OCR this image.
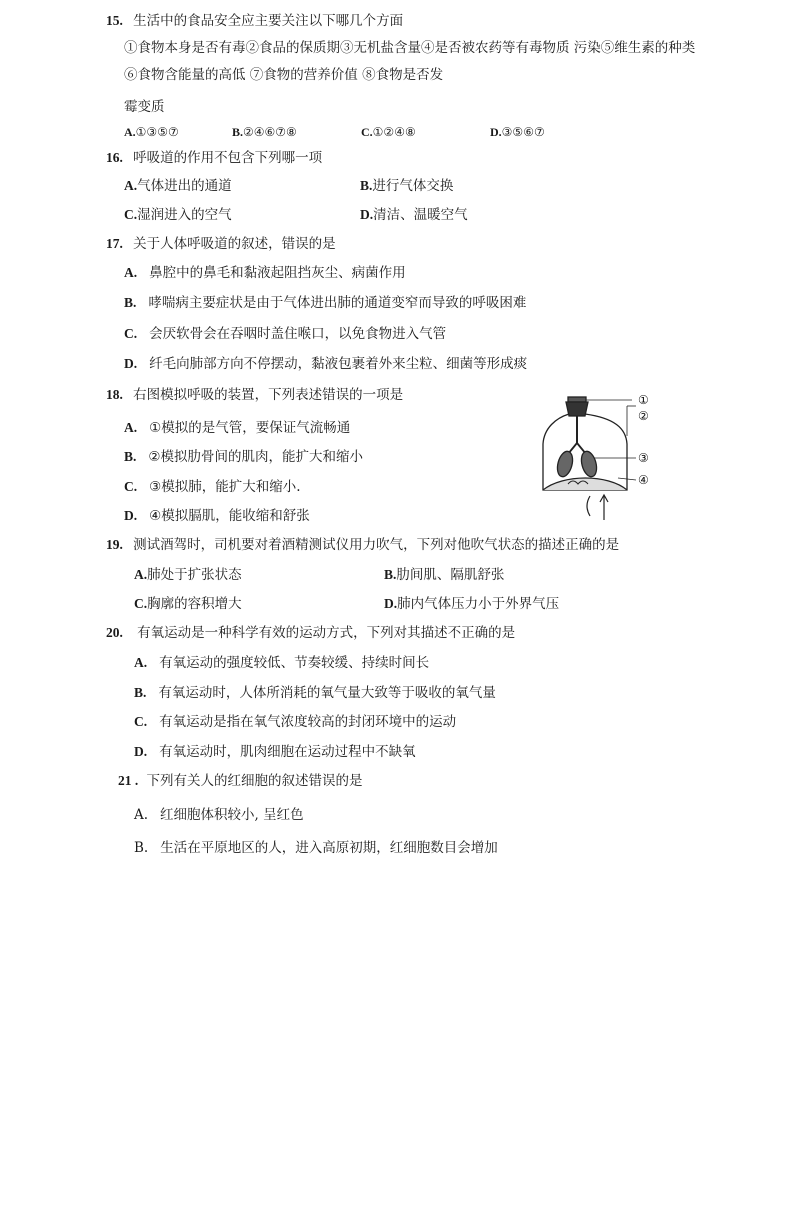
15. 生活中的食品安全应主要关注以下哪几个方面
①食物本身是否有毒②食品的保质期③无机盐含量④是否被农药等有毒物质 污染⑤维生素的种类
⑥食物含能量的高低 ⑦食物的营养价值 ⑧食物是否发
霉变质
A.①③⑤⑦	B.②④⑥⑦⑧	C.①②④⑧	D.③⑤⑥⑦
16. 呼吸道的作用不包含下列哪一项
A.气体进出的通道	B.进行气体交换
C.湿润进入的空气	D.清洁、温暖空气
17. 关于人体呼吸道的叙述，错误的是
A. 鼻腔中的鼻毛和黏液起阻挡灰尘、病菌作用
B. 哮喘病主要症状是由于气体进出肺的通道变窄而导致的呼吸困难
C. 会厌软骨会在吞咽时盖住喉口，以免食物进入气管
D. 纤毛向肺部方向不停摆动，黏液包裹着外来尘粒、细菌等形成痰
18. 右图模拟呼吸的装置，下列表述错误的一项是
A. ①模拟的是气管，要保证气流畅通
B. ②模拟肋骨间的肌肉，能扩大和缩小
C. ③模拟肺，能扩大和缩小.
D. ④模拟膈肌，能收缩和舒张
①
②
③
④
19. 测试酒驾时，司机要对着酒精测试仪用力吹气，下列对他吹气状态的描述正确的是
A.肺处于扩张状态	B.肋间肌、隔肌舒张
C.胸廓的容积增大	D.肺内气体压力小于外界气压
20. 有氧运动是一种科学有效的运动方式，下列对其描述不正确的是
A. 有氧运动的强度较低、节奏较缓、持续时间长
B. 有氧运动时，人体所消耗的氧气量大致等于吸收的氧气量
C. 有氧运动是指在氧气浓度较高的封闭环境中的运动
D. 有氧运动时，肌肉细胞在运动过程中不缺氧
21 . 下列有关人的红细胞的叙述错误的是
A. 红细胞体积较小, 呈红色
B. 生活在平原地区的人，进入高原初期，红细胞数目会增加
